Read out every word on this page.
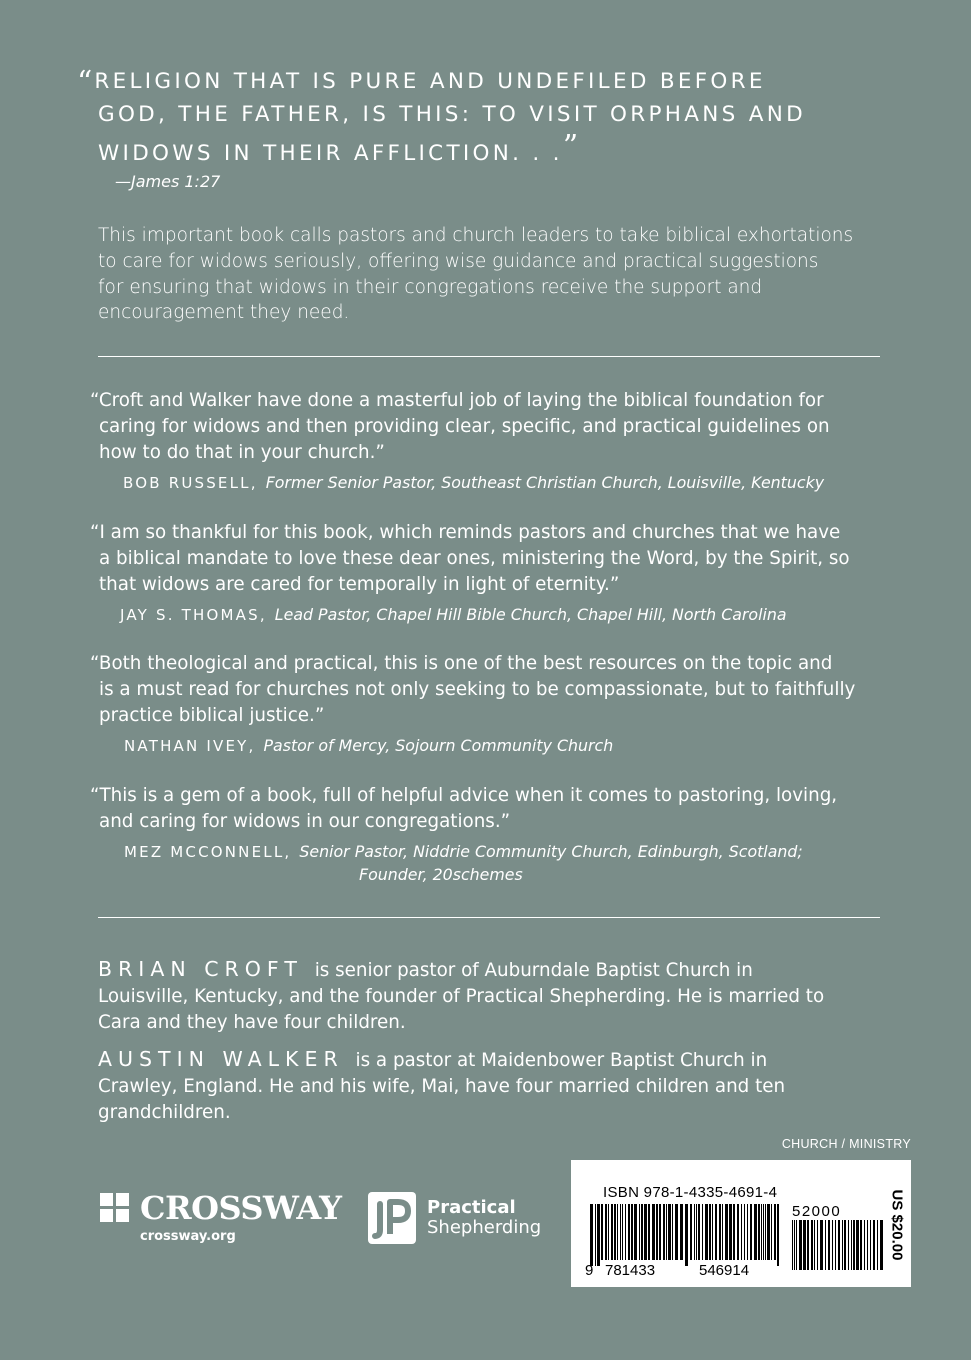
“RELIGION THAT IS PURE AND UNDEFILED BEFORE
GOD, THE FATHER, IS THIS: TO VISIT ORPHANS AND
WIDOWS IN THEIR AFFLICTION. . .”
—James 1:27
This important book calls pastors and church leaders to take biblical exhortations
to care for widows seriously, offering wise guidance and practical suggestions
for ensuring that widows in their congregations receive the support and
encouragement they need.
“Croft and Walker have done a masterful job of laying the biblical foundation for
caring for widows and then providing clear, specific, and practical guidelines on
how to do that in your church.”
BOB RUSSELL, Former Senior Pastor, Southeast Christian Church, Louisville, Kentucky
“I am so thankful for this book, which reminds pastors and churches that we have
a biblical mandate to love these dear ones, ministering the Word, by the Spirit, so
that widows are cared for temporally in light of eternity.”
JAY S. THOMAS, Lead Pastor, Chapel Hill Bible Church, Chapel Hill, North Carolina
“Both theological and practical, this is one of the best resources on the topic and
is a must read for churches not only seeking to be compassionate, but to faithfully
practice biblical justice.”
NATHAN IVEY, Pastor of Mercy, Sojourn Community Church
“This is a gem of a book, full of helpful advice when it comes to pastoring, loving,
and caring for widows in our congregations.”
MEZ MCCONNELL, Senior Pastor, Niddrie Community Church, Edinburgh, Scotland;
Founder, 20schemes
BRIAN CROFT is senior pastor of Auburndale Baptist Church in
Louisville, Kentucky, and the founder of Practical Shepherding. He is married to
Cara and they have four children.
AUSTIN WALKER is a pastor at Maidenbower Baptist Church in
Crawley, England. He and his wife, Mai, have four married children and ten
grandchildren.
CHURCH / MINISTRY
CROSSWAY
crossway.org
Practical
Shepherding
ISBN 978-1-4335-4691-4
9 781433	546914
52000	US $20.00
